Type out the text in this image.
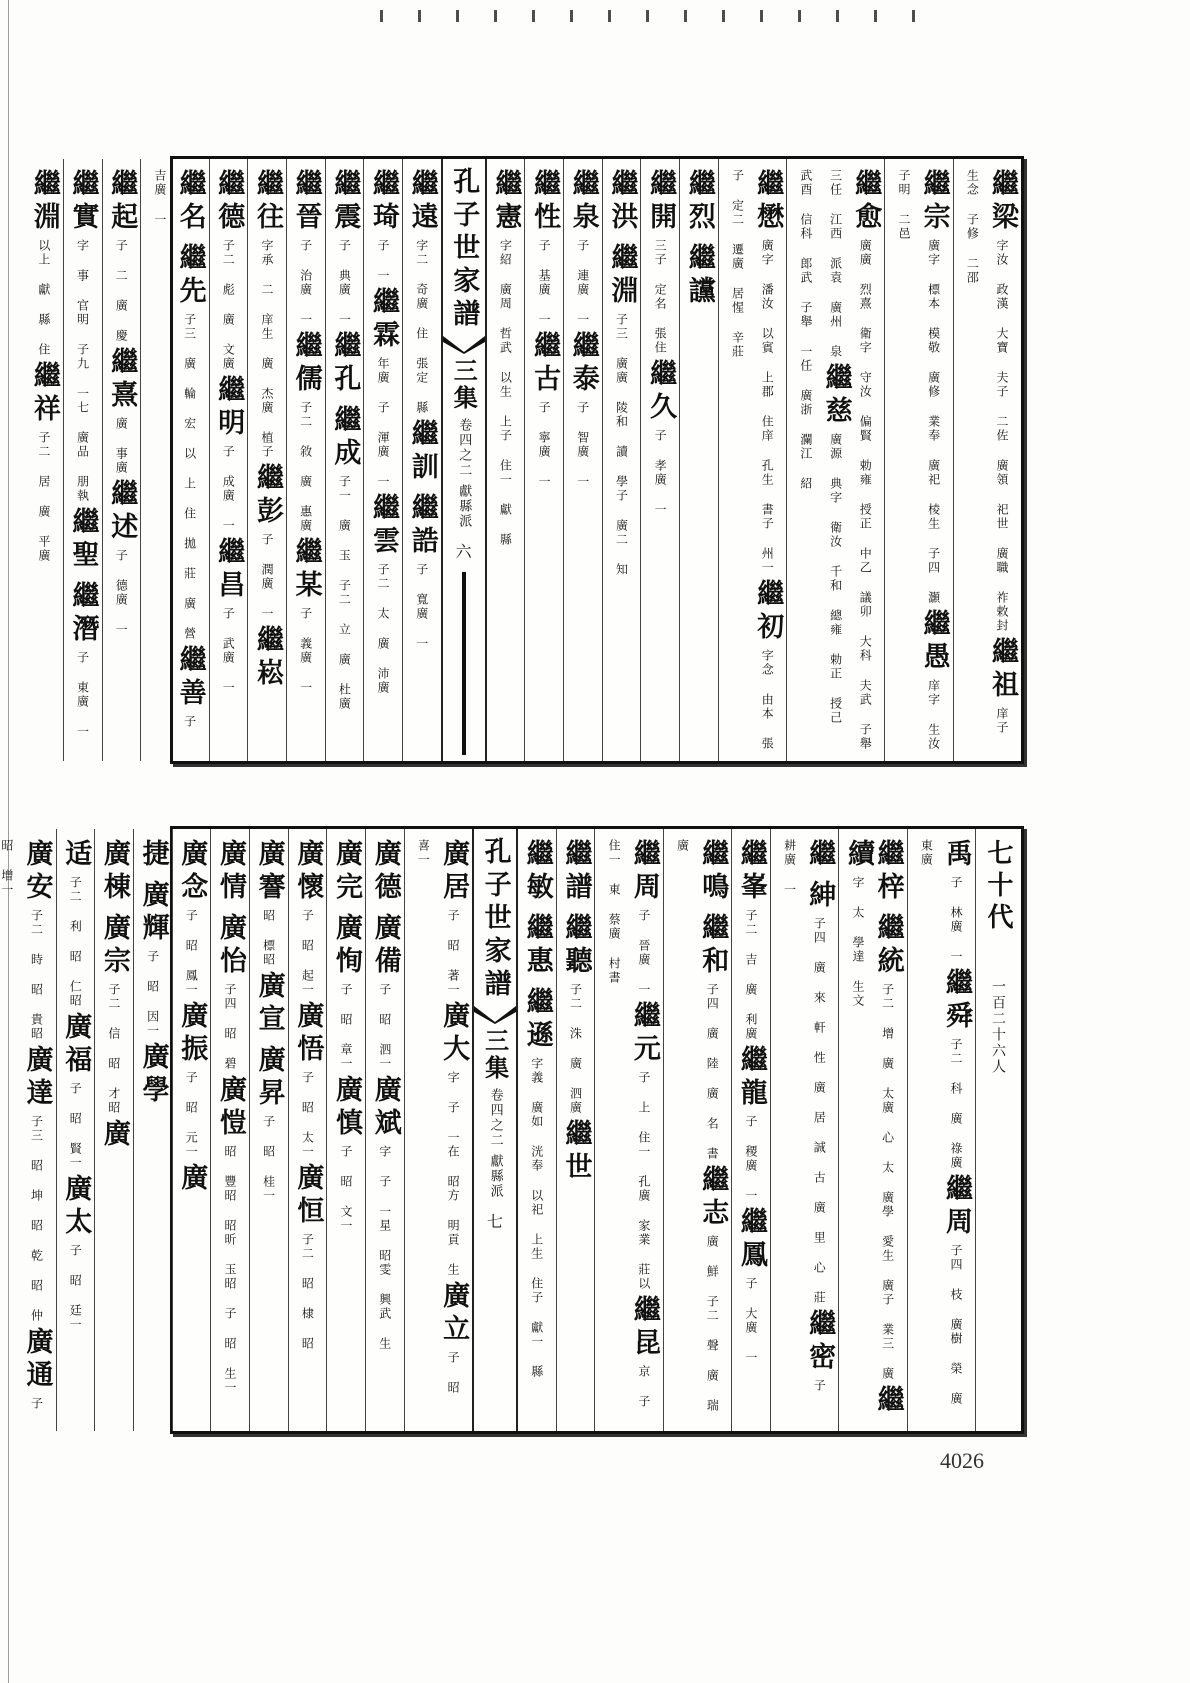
繼梁字汝 政漢 大寶 夫子 二佐 廣領 祀世 廣職 祚敕封繼祖庠子 生念 子修 二邵
繼宗廣字 標本 模敬 廣修 業奉 廣祀 棱生 子四 灝繼愚庠字 生汝 子明 二邑
繼愈廣廣 烈熹 衛字 守汝 偏賢 勅雍 授正 中乙 議卯 大科 夫武 子舉 三任 江西 派袁 廣州 泉繼慈廣源 典字 衛汝 千和 總雍 勅正 授己 武酉 信科 郎武 子舉 一任 廣浙 瀾江 紹
繼懋廣字 潘汝 以賓 上郡 住庠 孔生 書子 州一繼初字念 由本 張子 定二 遷廣 居惺 辛莊
繼烈繼讜
繼開三子 定名 張住繼久子 孝廣 一
繼洪繼淵子三 廣廣 陵和 讀 學子 廣二 知
繼泉子 連廣 一繼泰子 智廣 一
繼性子 基廣 一繼古子 寧廣 一
繼憲字紹 廣周 哲武 以生 上子 住一 獻 縣
孔子世家譜
三集
卷四之二
獻縣派
六
繼遠字二 奇廣 住 張定 縣繼訓繼誥子 寬廣 一
繼琦子 一繼霖年廣 子 渾廣 一繼雲子二 太 廣 沛廣
繼震子 典廣 一繼孔繼成子一 廣 玉 子二 立 廣 杜廣
繼晉子 治廣 一繼儒子二 敘 廣 惠廣繼某子 義廣 一
繼往字承 二 庠生 廣 杰廣 植子繼彭子 潤廣 一繼崧
繼德子二 彪 廣 文廣繼明子 成廣 一繼昌子 武廣 一
繼名繼先子三 廣 輪 宏 以 上 住 拋 莊 廣 營繼善子 吉廣 一
繼起子 二 廣 慶繼熹廣 事廣繼述子 德廣 一
繼實字 事 官明 子九 一七 廣品 朋執繼聖繼潛子 東廣 一
繼淵以上 獻 縣 住繼祥子二 居 廣 平廣
七十代 一百二十六人
禹子 林廣 一繼舜子二 科 廣 祿廣繼周子四 枝 廣樹 榮 廣 東廣
繼梓繼統子二 增 廣 太廣 心 太 廣學 愛生 廣子 業三 廣繼續字 太 學達 生文
繼紳子四 廣 來 軒 性 廣 居 誠 古 廣 里 心 莊繼密子 耕廣 一
繼峯子二 吉 廣 利廣繼龍子 稷廣 一繼鳳子 大廣 一
繼鳴繼和子四 廣 陸 廣 名 書繼志廣 鮮 子二 聲 廣 瑞廣
繼周子 晉廣 一繼元子 上 住一 孔廣 家業 莊以繼昆京 子 住一 東 蔡廣 村書
繼譜繼聽子二 洙 廣 泗廣繼世
繼敏繼惠繼遜字義 廣如 洸奉 以祀 上生 住子 獻一 縣
孔子世家譜
三集
卷四之二
獻縣派
七
廣居子 昭 著一廣大字 子 一在 昭方 明貢 生廣立子 昭 喜一
廣德廣備子 昭 泗一廣斌字 子 一星 昭雯 興武 生
廣完廣恂子 昭 章一廣慎子 昭 文一
廣懷子 昭 起一廣悟子 昭 太一廣恒子二 昭 棣 昭
廣謇昭 標昭廣宣廣昇子 昭 桂一
廣情廣怡子四 昭 碧廣愷昭 豐昭 昭昕 玉昭 子 昭 生一
廣念子 昭 鳳一廣振子 昭 元一廣
捷廣輝子 昭 因一廣學
廣棟廣宗子二 信 昭 才昭廣
适子二 利 昭 仁昭廣福子 昭 賢一廣太子 昭 廷一
廣安子二 時 昭 貴昭廣達子三 昭 坤 昭 乾 昭 仲廣通子 昭 增一
4026
